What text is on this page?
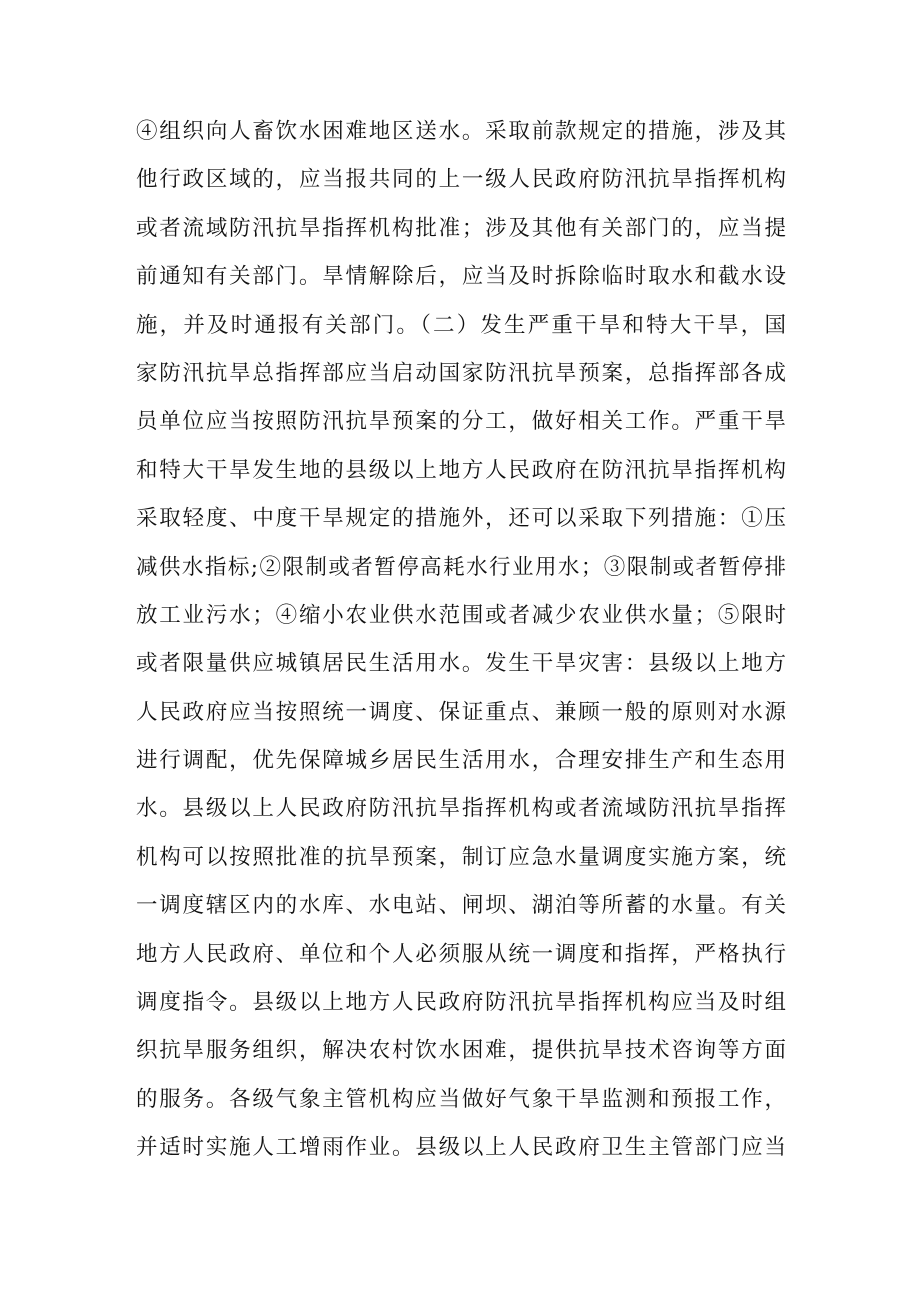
④组织向人畜饮水困难地区送水。采取前款规定的措施，涉及其
他行政区域的，应当报共同的上一级人民政府防汛抗旱指挥机构
或者流域防汛抗旱指挥机构批准；涉及其他有关部门的，应当提
前通知有关部门。旱情解除后，应当及时拆除临时取水和截水设
施，并及时通报有关部门。（二）发生严重干旱和特大干旱，国
家防汛抗旱总指挥部应当启动国家防汛抗旱预案，总指挥部各成
员单位应当按照防汛抗旱预案的分工，做好相关工作。严重干旱
和特大干旱发生地的县级以上地方人民政府在防汛抗旱指挥机构
采取轻度、中度干旱规定的措施外，还可以采取下列措施：①压
减供水指标;②限制或者暂停高耗水行业用水；③限制或者暂停排
放工业污水；④缩小农业供水范围或者减少农业供水量；⑤限时
或者限量供应城镇居民生活用水。发生干旱灾害：县级以上地方
人民政府应当按照统一调度、保证重点、兼顾一般的原则对水源
进行调配，优先保障城乡居民生活用水，合理安排生产和生态用
水。县级以上人民政府防汛抗旱指挥机构或者流域防汛抗旱指挥
机构可以按照批准的抗旱预案，制订应急水量调度实施方案，统
一调度辖区内的水库、水电站、闸坝、湖泊等所蓄的水量。有关
地方人民政府、单位和个人必须服从统一调度和指挥，严格执行
调度指令。县级以上地方人民政府防汛抗旱指挥机构应当及时组
织抗旱服务组织，解决农村饮水困难，提供抗旱技术咨询等方面
的服务。各级气象主管机构应当做好气象干旱监测和预报工作，
并适时实施人工增雨作业。县级以上人民政府卫生主管部门应当
